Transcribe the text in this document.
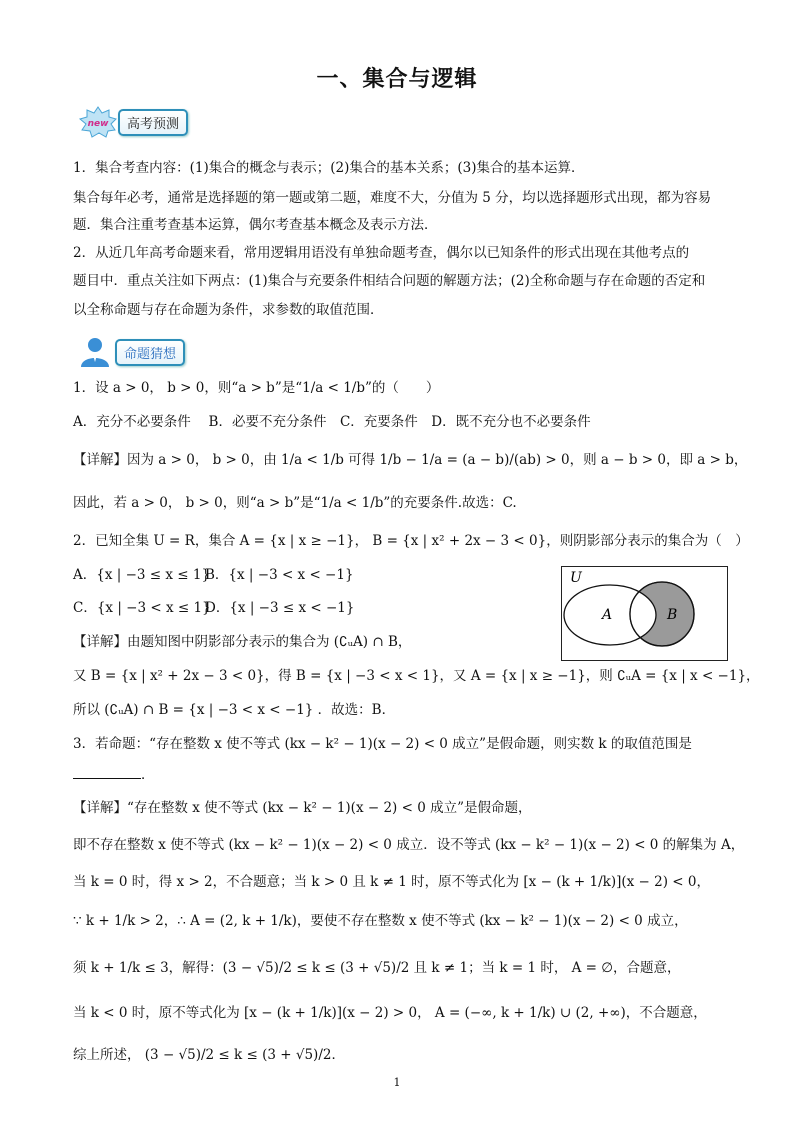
一、集合与逻辑
new	高考预测
1．集合考查内容：(1)集合的概念与表示；(2)集合的基本关系；(3)集合的基本运算．
集合每年必考，通常是选择题的第一题或第二题，难度不大，分值为 5 分，均以选择题形式出现，都为容易
题．集合注重考查基本运算，偶尔考查基本概念及表示方法．
2．从近几年高考命题来看，常用逻辑用语没有单独命题考查，偶尔以已知条件的形式出现在其他考点的
题目中．重点关注如下两点：(1)集合与充要条件相结合问题的解题方法；(2)全称命题与存在命题的否定和
以全称命题与存在命题为条件，求参数的取值范围．
命题猜想
1．设 a > 0， b > 0，则“a > b”是“1/a < 1/b”的（　　）
A．充分不必要条件　 B．必要不充分条件　C．充要条件　D．既不充分也不必要条件
【详解】因为 a > 0， b > 0，由 1/a < 1/b 可得 1/b − 1/a = (a − b)/(ab) > 0，则 a − b > 0，即 a > b，
因此，若 a > 0， b > 0，则“a > b”是“1/a < 1/b”的充要条件.故选：C.
2．已知全集 U = R，集合 A = {x | x ≥ −1}， B = {x | x² + 2x − 3 < 0}，则阴影部分表示的集合为（　）
A．{x | −3 ≤ x ≤ 1}
B．{x | −3 < x < −1}
C．{x | −3 < x ≤ 1}
D．{x | −3 ≤ x < −1}
U
A	B
【详解】由题知图中阴影部分表示的集合为 (∁ᵤA) ∩ B，
又 B = {x | x² + 2x − 3 < 0}，得 B = {x | −3 < x < 1}，又 A = {x | x ≥ −1}，则 ∁ᵤA = {x | x < −1}，
所以 (∁ᵤA) ∩ B = {x | −3 < x < −1} ．故选：B．
3．若命题：“存在整数 x 使不等式 (kx − k² − 1)(x − 2) < 0 成立”是假命题，则实数 k 的取值范围是
．
【详解】“存在整数 x 使不等式 (kx − k² − 1)(x − 2) < 0 成立”是假命题，
即不存在整数 x 使不等式 (kx − k² − 1)(x − 2) < 0 成立．设不等式 (kx − k² − 1)(x − 2) < 0 的解集为 A，
当 k = 0 时，得 x > 2，不合题意；当 k > 0 且 k ≠ 1 时，原不等式化为 [x − (k + 1/k)](x − 2) < 0，
∵ k + 1/k > 2，∴ A = (2, k + 1/k)，要使不存在整数 x 使不等式 (kx − k² − 1)(x − 2) < 0 成立，
须 k + 1/k ≤ 3，解得：(3 − √5)/2 ≤ k ≤ (3 + √5)/2 且 k ≠ 1；当 k = 1 时， A = ∅，合题意，
当 k < 0 时，原不等式化为 [x − (k + 1/k)](x − 2) > 0， A = (−∞, k + 1/k) ∪ (2, +∞)，不合题意，
综上所述， (3 − √5)/2 ≤ k ≤ (3 + √5)/2．
1
